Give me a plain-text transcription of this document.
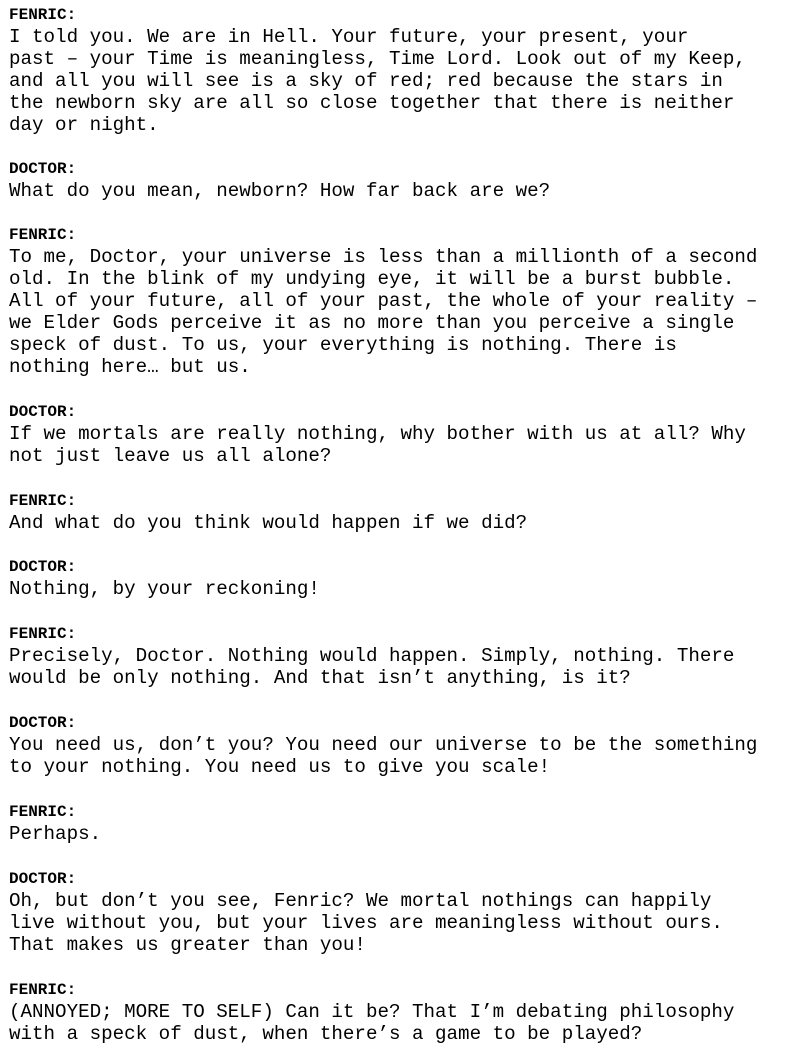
FENRIC:
I told you. We are in Hell. Your future, your present, your
past – your Time is meaningless, Time Lord. Look out of my Keep,
and all you will see is a sky of red; red because the stars in
the newborn sky are all so close together that there is neither
day or night.
DOCTOR:
What do you mean, newborn? How far back are we?
FENRIC:
To me, Doctor, your universe is less than a millionth of a second
old. In the blink of my undying eye, it will be a burst bubble.
All of your future, all of your past, the whole of your reality –
we Elder Gods perceive it as no more than you perceive a single
speck of dust. To us, your everything is nothing. There is
nothing here… but us.
DOCTOR:
If we mortals are really nothing, why bother with us at all? Why
not just leave us all alone?
FENRIC:
And what do you think would happen if we did?
DOCTOR:
Nothing, by your reckoning!
FENRIC:
Precisely, Doctor. Nothing would happen. Simply, nothing. There
would be only nothing. And that isn’t anything, is it?
DOCTOR:
You need us, don’t you? You need our universe to be the something
to your nothing. You need us to give you scale!
FENRIC:
Perhaps.
DOCTOR:
Oh, but don’t you see, Fenric? We mortal nothings can happily
live without you, but your lives are meaningless without ours.
That makes us greater than you!
FENRIC:
(ANNOYED; MORE TO SELF) Can it be? That I’m debating philosophy
with a speck of dust, when there’s a game to be played?
